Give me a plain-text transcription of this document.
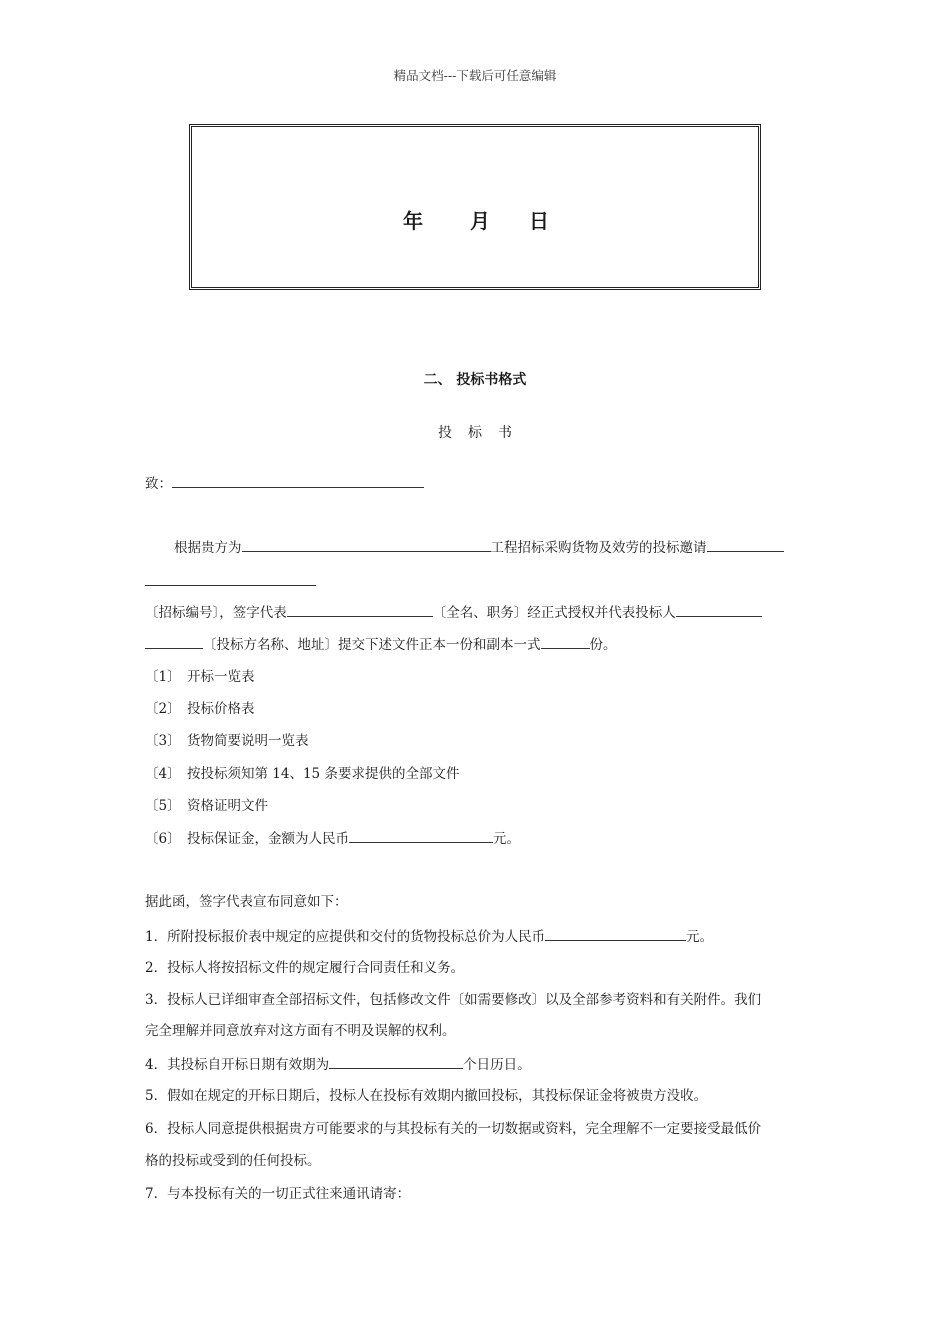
精品文档---下载后可任意编辑
年 月 日
二、 投标书格式
投标书
致：
根据贵方为	工程招标采购货物及效劳的投标邀请
〔招标编号〕，签字代表	〔全名、职务〕经正式授权并代表投标人
〔投标方名称、地址〕提交下述文件正本一份和副本一式	份。
〔1〕 开标一览表
〔2〕 投标价格表
〔3〕 货物简要说明一览表
〔4〕 按投标须知第 14、15 条要求提供的全部文件
〔5〕 资格证明文件
〔6〕 投标保证金，金额为人民币	元。
据此函，签字代表宣布同意如下：
1．所附投标报价表中规定的应提供和交付的货物投标总价为人民币	元。
2．投标人将按招标文件的规定履行合同责任和义务。
3．投标人已详细审查全部招标文件，包括修改文件〔如需要修改〕以及全部参考资料和有关附件。我们
完全理解并同意放弃对这方面有不明及误解的权利。
4．其投标自开标日期有效期为	个日历日。
5．假如在规定的开标日期后，投标人在投标有效期内撤回投标，其投标保证金将被贵方没收。
6．投标人同意提供根据贵方可能要求的与其投标有关的一切数据或资料，完全理解不一定要接受最低价
格的投标或受到的任何投标。
7．与本投标有关的一切正式往来通讯请寄：
